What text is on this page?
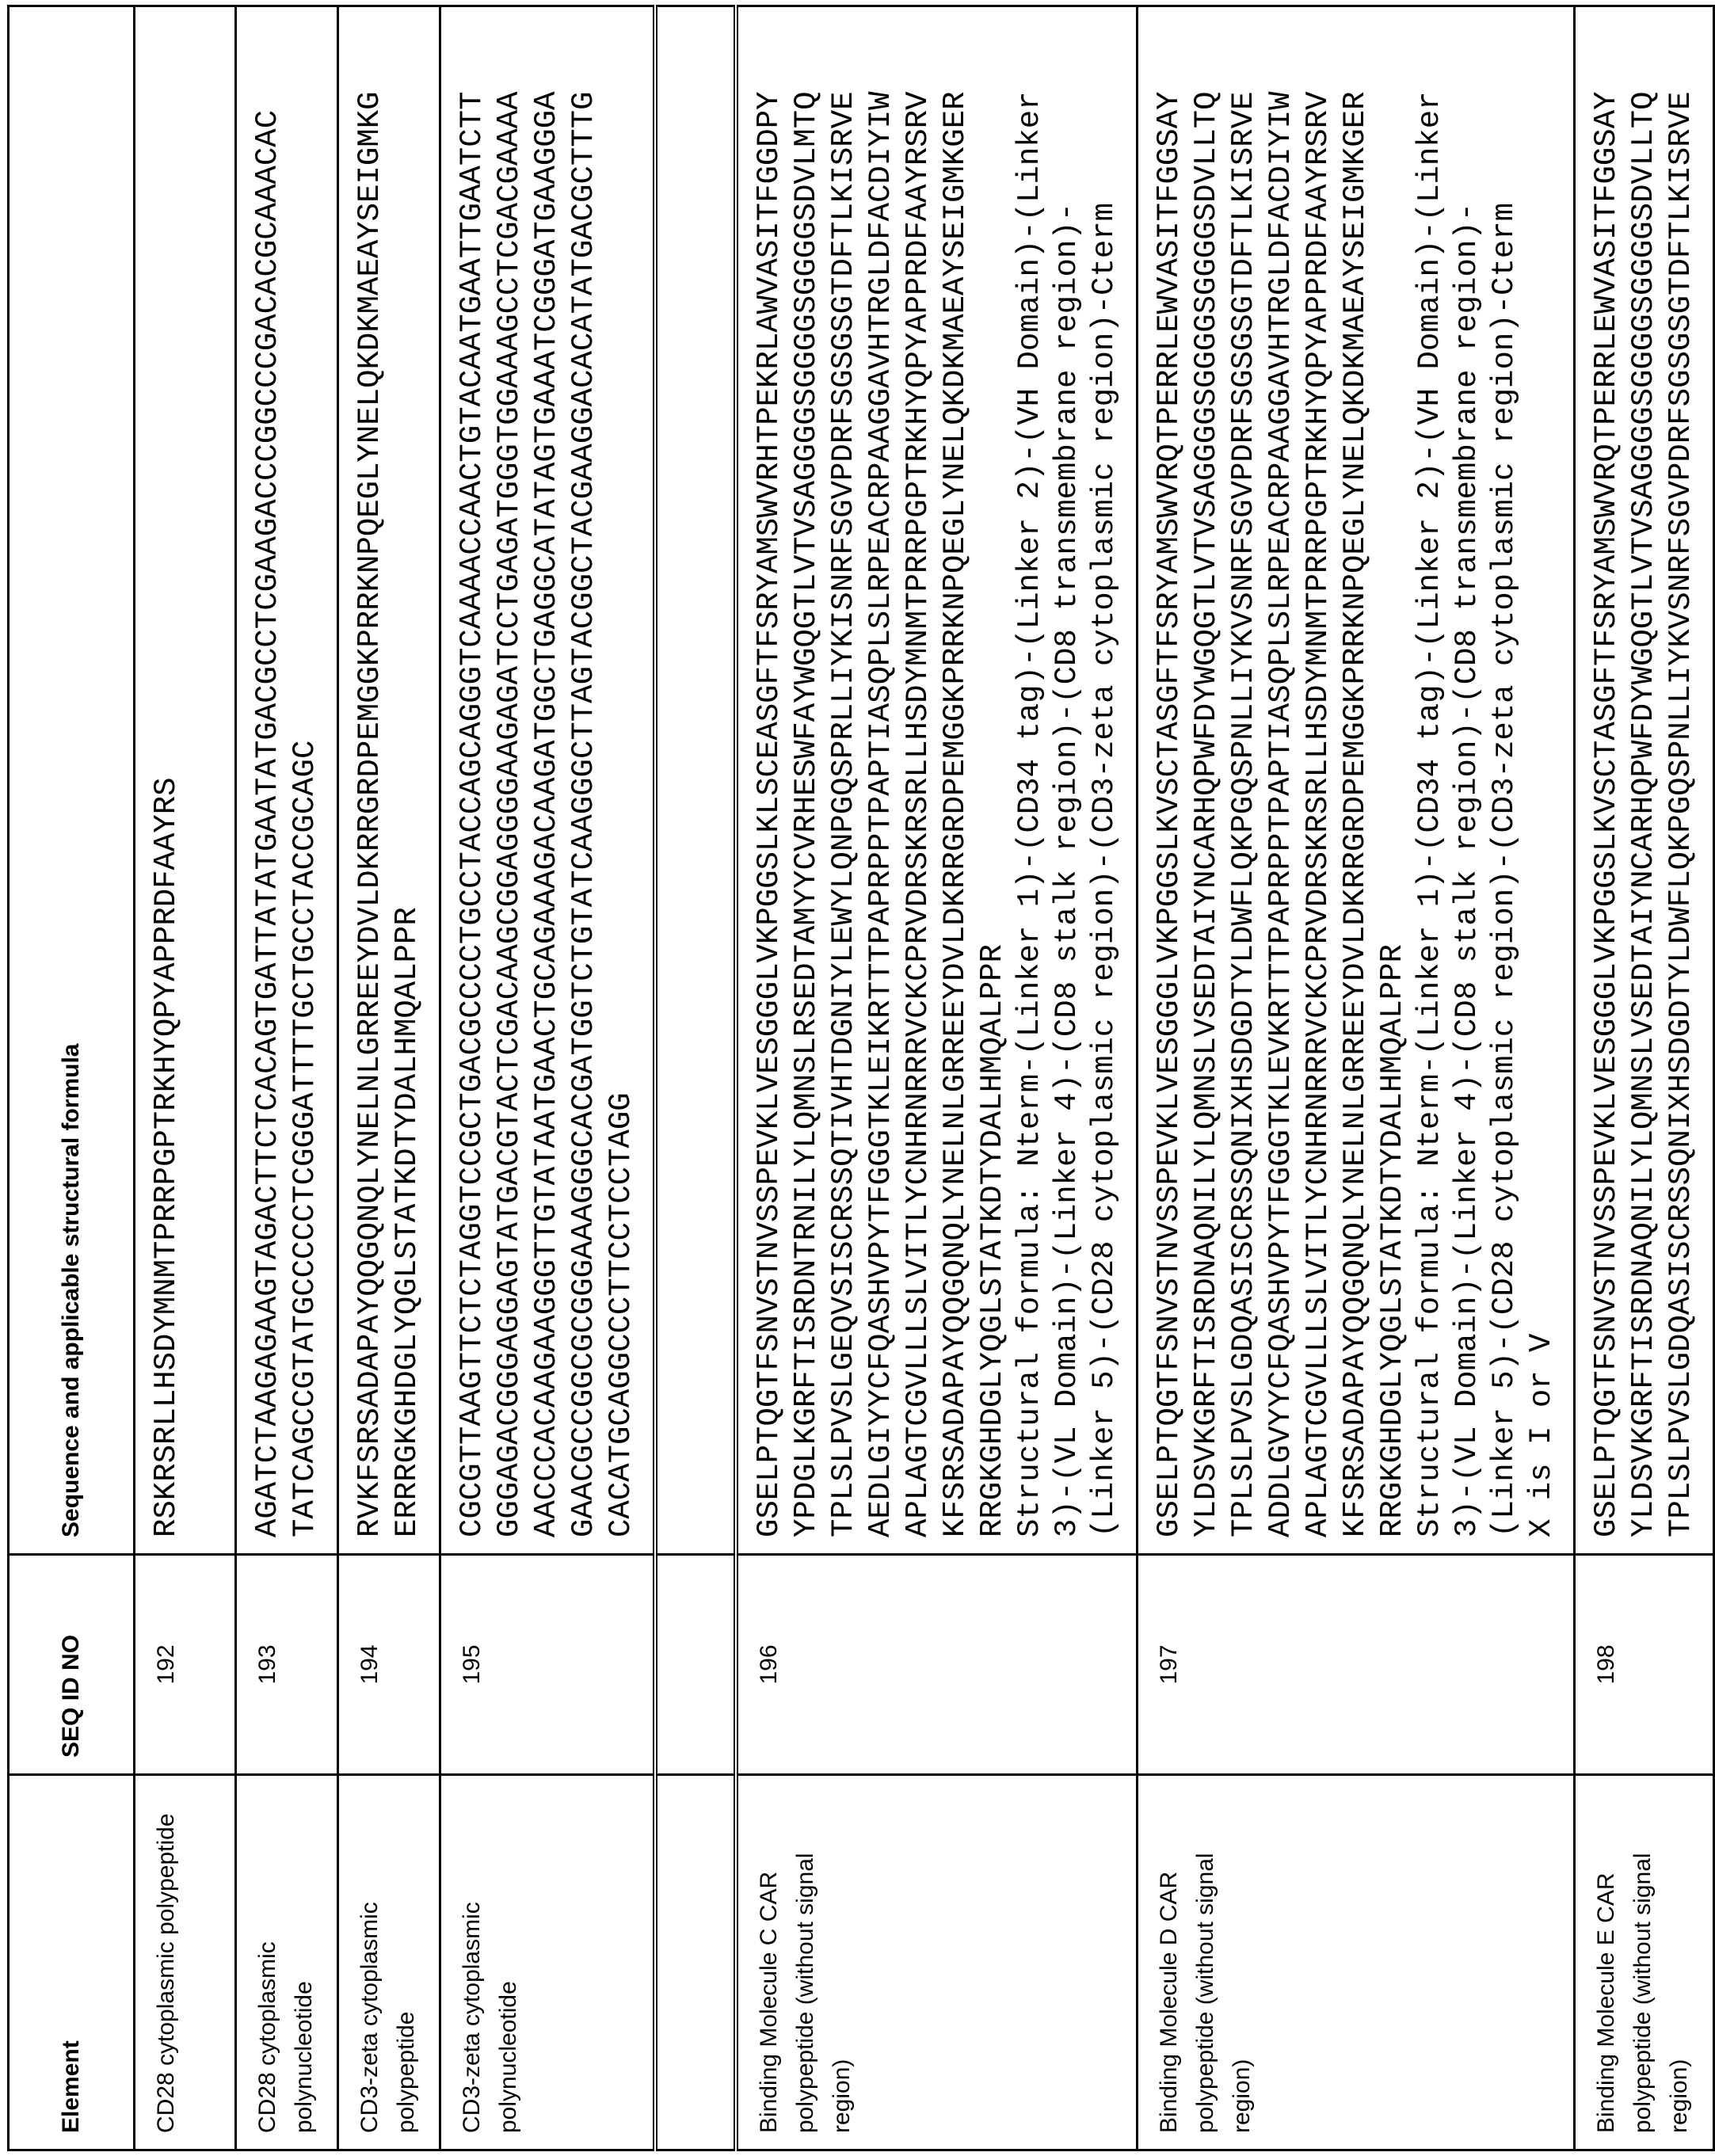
Element	SEQ ID NO	Sequence and applicable structural formula
CD28 cytoplasmic polypeptide	192	
RSKRSRLLHSDYMNMTPRRPGPTRKHYQPYAPPRDFAAYRS

CD28 cytoplasmic polynucleotide	193	
AGATCTAAGAGAAGTAGACTTCTCACAGTGATTATATGAATATGACGCCTCGAAGACCCGGCCCGACACGCAAACAC TATCAGCCGTATGCCCCCTCGGGATTTTGCTGCCTACCGCAGC

CD3-zeta cytoplasmic polypeptide	194	
RVKFSRSADAPAYQQGQNQLYNELNLGRREEYDVLDKRRGRDPEMGGKPRRKNPQEGLYNELQKDKMAEAYSEIGMKG ERRRGKGHDGLYQGLSTATKDTYDALHMQALPPR

CD3-zeta cytoplasmic polynucleotide	195	
CGCGTTAAGTTCTCTAGGTCCGCTGACGCCCCTGCCTACCAGCAGGGTCAAAACCAACTGTACAATGAATTGAATCTT GGGAGACGGGAGGAGTATGACGTACTCGACAAGCGGAGGGGAAGAGATCCTGAGATGGGTGGAAAGCCTCGACGAAAA AACCCACAAGAAGGGTTGTATAATGAACTGCAGAAAGACAAGATGGCTGAGGCATATAGTGAAATCGGGATGAAGGGA GAACGCCGGCGCGGGAAAGGGCACGATGGTCTGTATCAAGGGCTTAGTACGGCTACGAAGGACACATATGACGCTTTG CACATGCAGGCCCTTCCTCCTAGG

Binding Molecule C CAR polypeptide (without signal region)	196	
GSELPTQGTFSNVSTNVSSPEVKLVESGGGLVKPGGSLKLSCEASGFTFSRYAMSWVRHTPEKRLAWVASITFGGDPY YPDGLKGRFTISRDNTRNILYLQMNSLRSEDTAMYYCVRHESWFAYWGQGTLVTVSAGGGGSGGGGSGGGGSDVLMTQ TPLSLPVSLGEQVSISCRSSQTIVHTDGNIYLEWYLQNPGQSPRLLIYKISNRFSGVPDRFSGSGSGTDFTLKISRVE AEDLGIYYCFQASHVPYTFGGGTKLEIKRTTTPAPRPPTPAPTIASQPLSLRPEACRPAAGGAVHTRGLDFACDIYIW APLAGTCGVLLLSLVITLYCNHRNRRRVCKCPRVDRSKRSRLLHSDYMNMTPRRPGPTRKHYQPYAPPRDFAAYRSRV KFSRSADAPAYQQGQNQLYNELNLGRREEYDVLDKRRGRDPEMGGKPRRKNPQEGLYNELQKDKMAEAYSEIGMKGER RRGKGHDGLYQGLSTATKDTYDALHMQALPPR Structural formula: Nterm-(Linker 1)-(CD34 tag)-(Linker 2)-(VH Domain)-(Linker 3)-(VL Domain)-(Linker 4)-(CD8 stalk region)-(CD8 transmembrane region)- (Linker 5)-(CD28 cytoplasmic region)-(CD3-zeta cytoplasmic region)-Cterm

Binding Molecule D CAR polypeptide (without signal region)	197	
GSELPTQGTFSNVSTNVSSPEVKLVESGGGLVKPGGSLKVSCTASGFTFSRYAMSWVRQTPERRLEWVASITFGGSAY YLDSVKGRFTISRDNAQNILYLQMNSLVSEDTAIYNCARHQPWFDYWGQGTLVTVSAGGGGSGGGGSGGGGSDVLLTQ TPLSLPVSLGDQASISCRSSQNIXHSDGDTYLDWFLQKPGQSPNLLIYKVSNRFSGVPDRFSGSGSGTDFTLKISRVE ADDLGVYYCFQASHVPYTFGGGTKLEVKRTTTPAPRPPTPAPTIASQPLSLRPEACRPAAGGAVHTRGLDFACDIYIW APLAGTCGVLLLSLVITLYCNHRNRRRVCKCPRVDRSKRSRLLHSDYMNMTPRRPGPTRKHYQPYAPPRDFAAYRSRV KFSRSADAPAYQQGQNQLYNELNLGRREEYDVLDKRRGRDPEMGGKPRRKNPQEGLYNELQKDKMAEAYSEIGMKGER RRGKGHDGLYQGLSTATKDTYDALHMQALPPR Structural formula: Nterm-(Linker 1)-(CD34 tag)-(Linker 2)-(VH Domain)-(Linker 3)-(VL Domain)-(Linker 4)-(CD8 stalk region)-(CD8 transmembrane region)- (Linker 5)-(CD28 cytoplasmic region)-(CD3-zeta cytoplasmic region)-Cterm X is I or V

Binding Molecule E CAR polypeptide (without signal region)	198	
GSELPTQGTFSNVSTNVSSPEVKLVESGGGLVKPGGSLKVSCTASGFTFSRYAMSWVRQTPERRLEWVASITFGGSAY YLDSVKGRFTISRDNAQNILYLQMNSLVSEDTAIYNCARHQPWFDYWGQGTLVTVSAGGGGSGGGGSGGGGSDVLLTQ TPLSLPVSLGDQASISCRSSQNIXHSDGDTYLDWFLQKPGQSPNLLIYKVSNRFSGVPDRFSGSGSGTDFTLKISRVE
